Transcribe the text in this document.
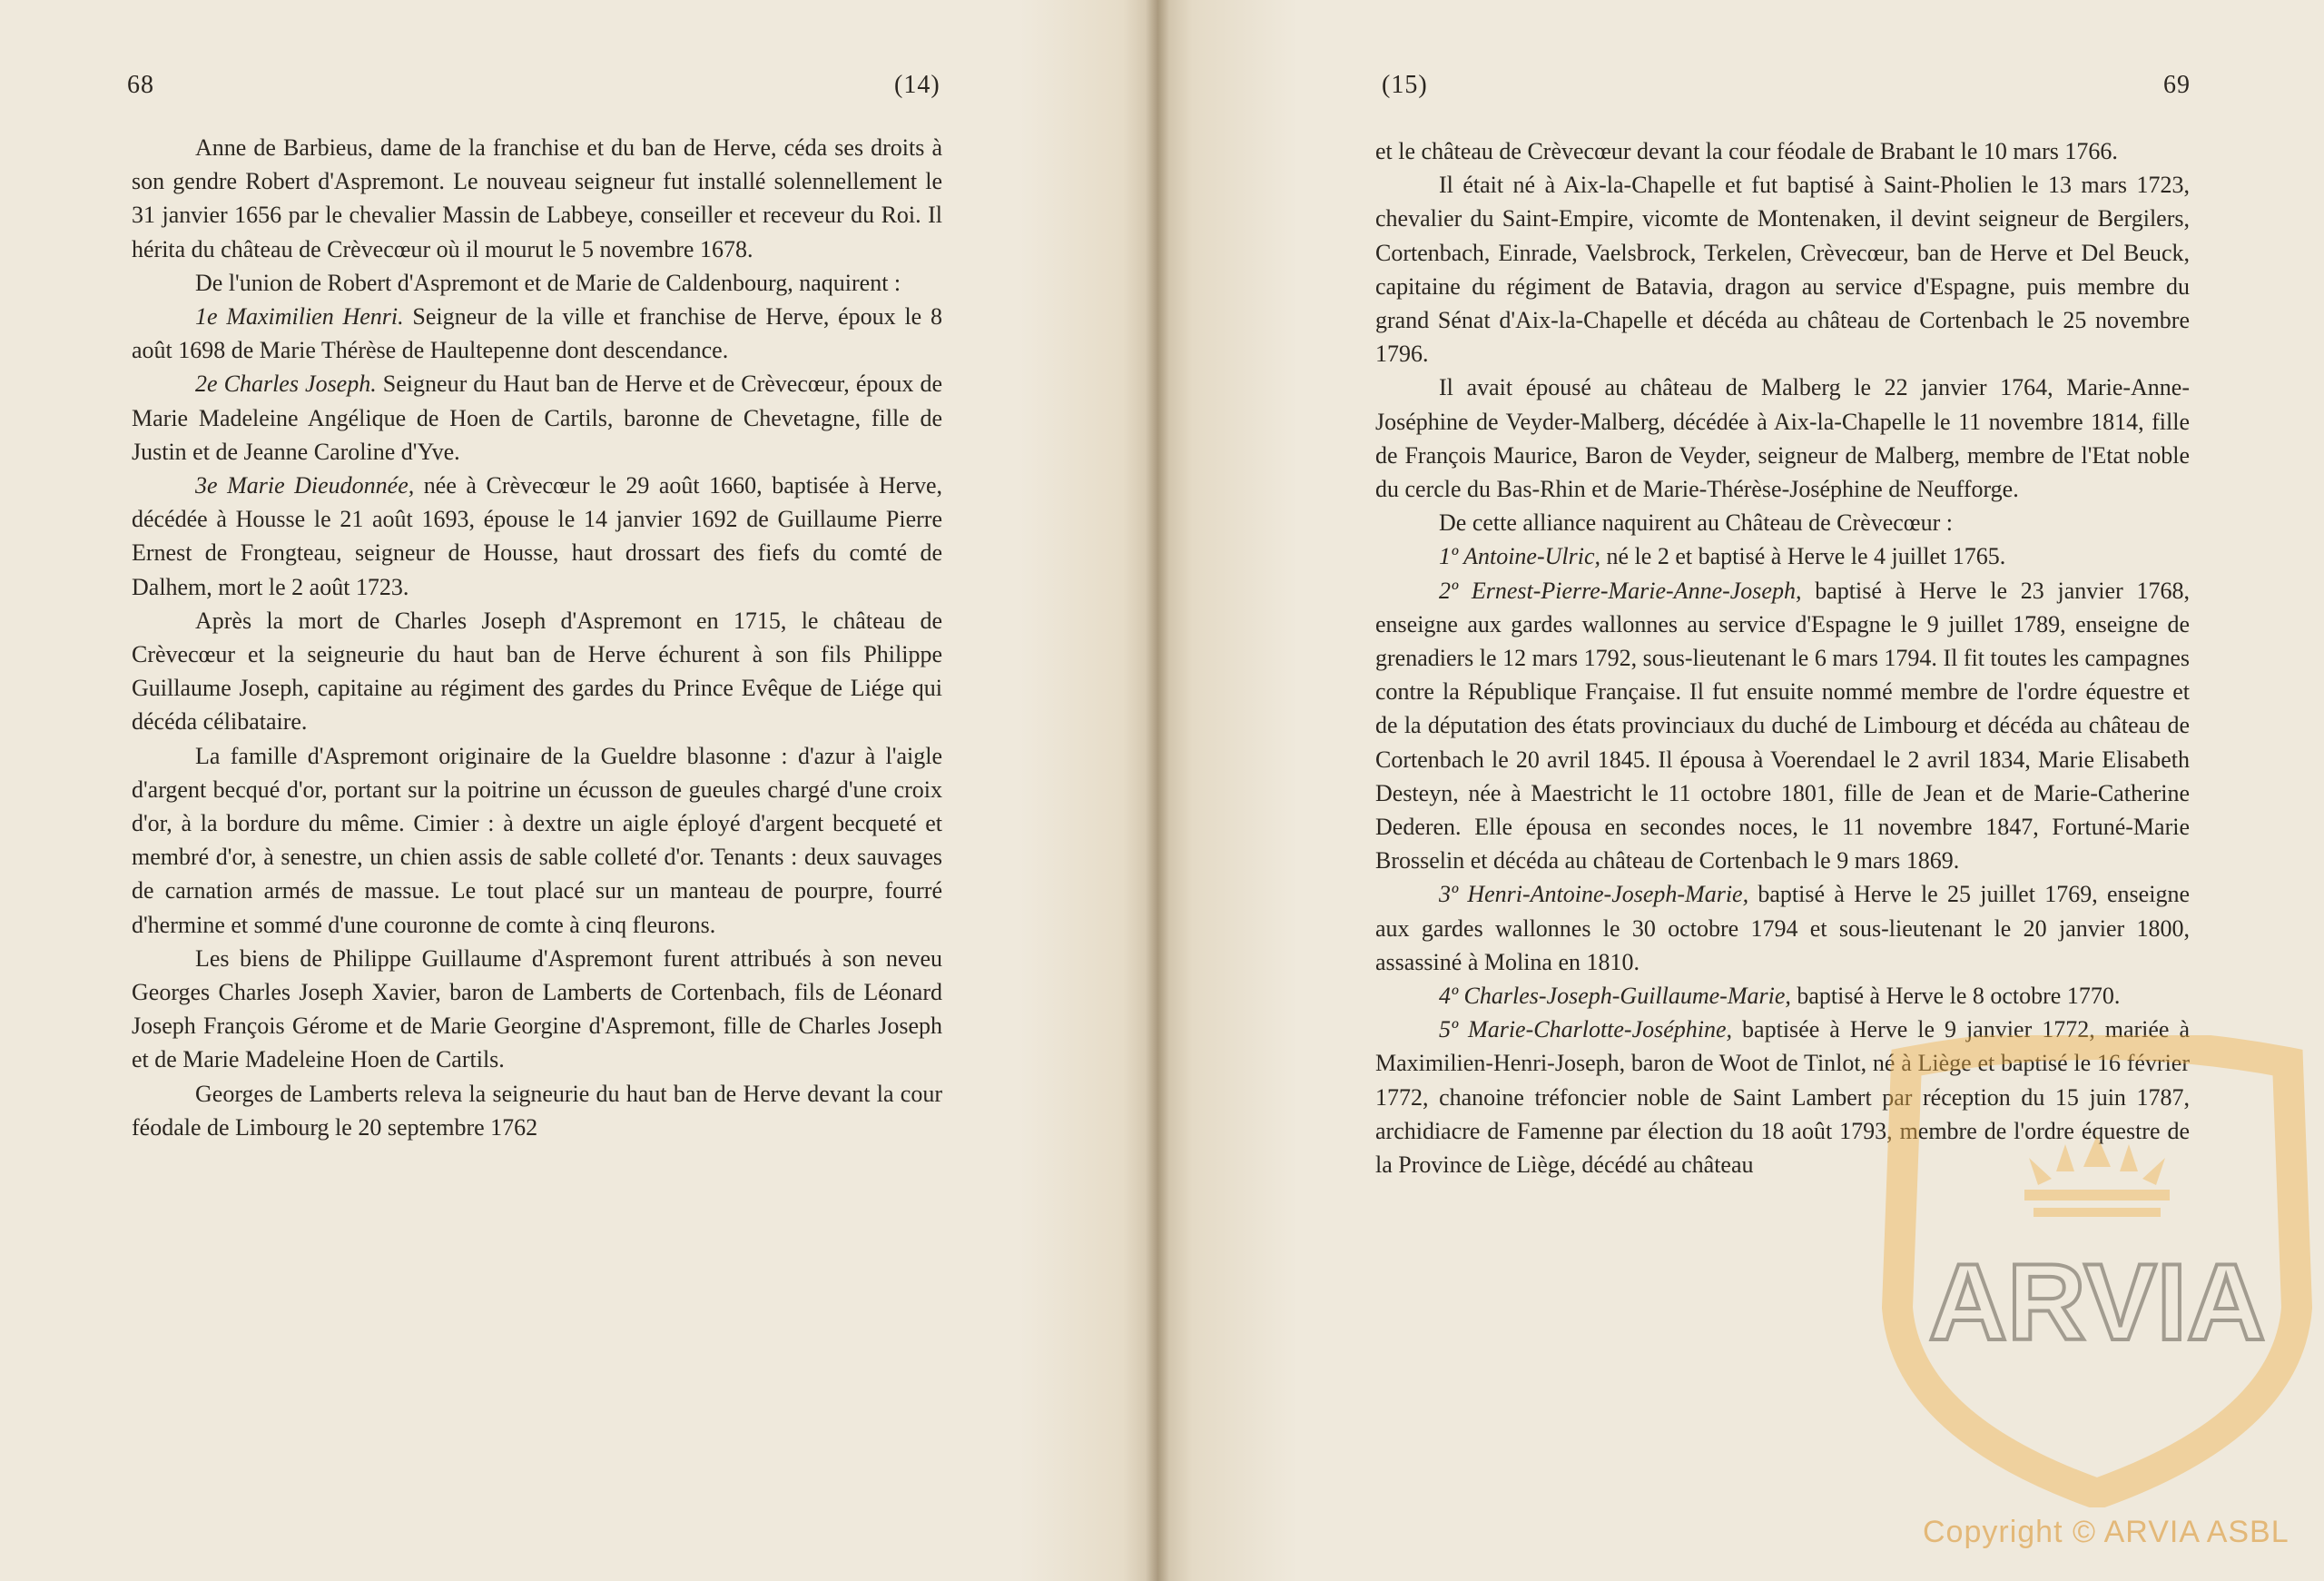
68	(14)

Anne de Barbieus, dame de la franchise et du ban de Herve, céda ses droits à son gendre Robert d'Aspremont. Le nouveau seigneur fut installé solennellement le 31 janvier 1656 par le chevalier Massin de Labbeye, conseiller et receveur du Roi. Il hérita du château de Crèvecœur où il mourut le 5 novembre 1678.

De l'union de Robert d'Aspremont et de Marie de Caldenbourg, naquirent :

1e Maximilien Henri. Seigneur de la ville et franchise de Herve, époux le 8 août 1698 de Marie Thérèse de Haultepenne dont descendance.

2e Charles Joseph. Seigneur du Haut ban de Herve et de Crèvecœur, époux de Marie Madeleine Angélique de Hoen de Cartils, baronne de Chevetagne, fille de Justin et de Jeanne Caroline d'Yve.

3e Marie Dieudonnée, née à Crèvecœur le 29 août 1660, baptisée à Herve, décédée à Housse le 21 août 1693, épouse le 14 janvier 1692 de Guillaume Pierre Ernest de Frongteau, seigneur de Housse, haut drossart des fiefs du comté de Dalhem, mort le 2 août 1723.

Après la mort de Charles Joseph d'Aspremont en 1715, le château de Crèvecœur et la seigneurie du haut ban de Herve échurent à son fils Philippe Guillaume Joseph, capitaine au régiment des gardes du Prince Evêque de Liége qui décéda célibataire.

La famille d'Aspremont originaire de la Gueldre blasonne : d'azur à l'aigle d'argent becqué d'or, portant sur la poitrine un écusson de gueules chargé d'une croix d'or, à la bordure du même. Cimier : à dextre un aigle éployé d'argent becqueté et membré d'or, à senestre, un chien assis de sable colleté d'or. Tenants : deux sauvages de carnation armés de massue. Le tout placé sur un manteau de pourpre, fourré d'hermine et sommé d'une couronne de comte à cinq fleurons.

Les biens de Philippe Guillaume d'Aspremont furent attribués à son neveu Georges Charles Joseph Xavier, baron de Lamberts de Cortenbach, fils de Léonard Joseph François Gérome et de Marie Georgine d'Aspremont, fille de Charles Joseph et de Marie Madeleine Hoen de Cartils.

Georges de Lamberts releva la seigneurie du haut ban de Herve devant la cour féodale de Limbourg le 20 septembre 1762

(15)	69

et le château de Crèvecœur devant la cour féodale de Brabant le 10 mars 1766.

Il était né à Aix-la-Chapelle et fut baptisé à Saint-Pholien le 13 mars 1723, chevalier du Saint-Empire, vicomte de Montenaken, il devint seigneur de Bergilers, Cortenbach, Einrade, Vaelsbrock, Terkelen, Crèvecœur, ban de Herve et Del Beuck, capitaine du régiment de Batavia, dragon au service d'Espagne, puis membre du grand Sénat d'Aix-la-Chapelle et décéda au château de Cortenbach le 25 novembre 1796.

Il avait épousé au château de Malberg le 22 janvier 1764, Marie-Anne-Joséphine de Veyder-Malberg, décédée à Aix-la-Chapelle le 11 novembre 1814, fille de François Maurice, Baron de Veyder, seigneur de Malberg, membre de l'Etat noble du cercle du Bas-Rhin et de Marie-Thérèse-Joséphine de Neufforge.

De cette alliance naquirent au Château de Crèvecœur :

1º Antoine-Ulric, né le 2 et baptisé à Herve le 4 juillet 1765.

2º Ernest-Pierre-Marie-Anne-Joseph, baptisé à Herve le 23 janvier 1768, enseigne aux gardes wallonnes au service d'Espagne le 9 juillet 1789, enseigne de grenadiers le 12 mars 1792, sous-lieutenant le 6 mars 1794. Il fit toutes les campagnes contre la République Française. Il fut ensuite nommé membre de l'ordre équestre et de la députation des états provinciaux du duché de Limbourg et décéda au château de Cortenbach le 20 avril 1845. Il épousa à Voerendael le 2 avril 1834, Marie Elisabeth Desteyn, née à Maestricht le 11 octobre 1801, fille de Jean et de Marie-Catherine Dederen. Elle épousa en secondes noces, le 11 novembre 1847, Fortuné-Marie Brosselin et décéda au château de Cortenbach le 9 mars 1869.

3º Henri-Antoine-Joseph-Marie, baptisé à Herve le 25 juillet 1769, enseigne aux gardes wallonnes le 30 octobre 1794 et sous-lieutenant le 20 janvier 1800, assassiné à Molina en 1810.

4º Charles-Joseph-Guillaume-Marie, baptisé à Herve le 8 octobre 1770.

5º Marie-Charlotte-Joséphine, baptisée à Herve le 9 janvier 1772, mariée à Maximilien-Henri-Joseph, baron de Woot de Tinlot, né à Liège et baptisé le 16 février 1772, chanoine tréfoncier noble de Saint Lambert par réception du 15 juin 1787, archidiacre de Famenne par élection du 18 août 1793, membre de l'ordre équestre de la Province de Liège, décédé au château

ARVIA
Copyright © ARVIA ASBL
